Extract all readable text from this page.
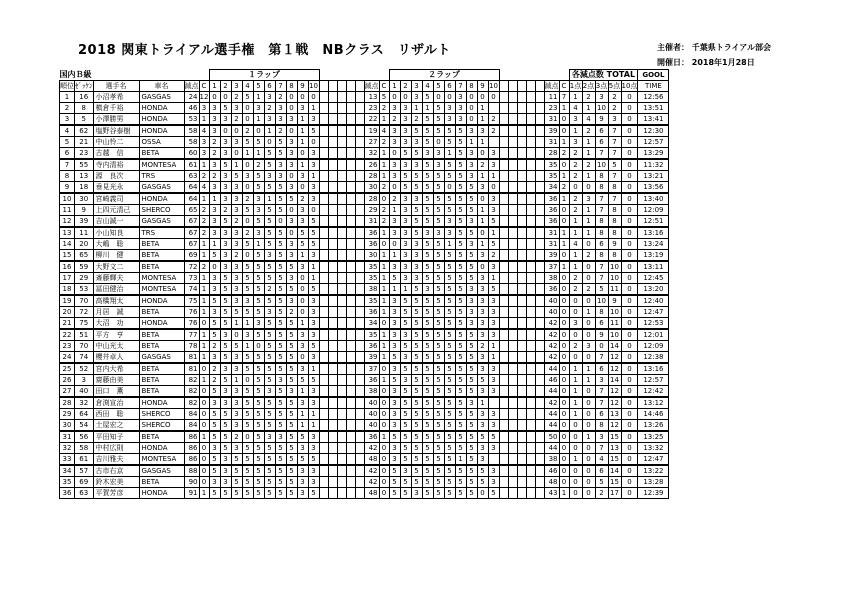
2018 関東トライアル選手権　第１戦　NBクラス　リザルト	主催者： 千葉県トライアル部会
開催日： 2018年1月28日
国内Ｂ級						１ラップ																	２ラップ																	各減点数 TOTAL					GOOL
順位	ｾﾞｯｹﾝ	選手名	車名	減点	C	1	2	3	4	5	6	7	8	9	10						減点	C	1	2	3	4	5	6	7	8	9	10						減点	C	1点	2点	3点	5点	10点	TIME
1	16	小沼孝希	GASGAS	24	12	0	0	2	5	1	3	2	0	0	0						13	5	0	0	3	5	0	0	3	0	0	0						11	7	1	2	3	2	0	12:56
2	8	槙倉千裕	HONDA	46	3	3	5	3	0	3	2	3	0	3	1						23	2	3	3	1	1	5	3	3	0	1							23	1	4	1	10	2	0	13:51
3	5	小澤勝男	HONDA	53	1	3	3	2	0	1	3	3	3	1	3						22	1	2	3	2	5	5	3	3	0	1	2						31	0	3	4	9	3	0	13:41
4	62	塩野谷泰樹	HONDA	58	4	3	0	0	2	0	1	2	0	1	5						19	4	3	3	5	5	5	5	5	3	3	2						39	0	1	2	6	7	0	12:30
5	21	中山怜二	OSSA	58	3	2	3	3	5	5	0	5	3	1	0						27	2	3	3	3	5	0	5	5	1	1							31	1	3	1	6	7	0	12:57
6	23	古越　信	BETA	60	3	2	3	0	1	1	5	5	3	0	3						32	1	0	5	5	3	3	1	5	3	0	3						28	2	2	1	7	7	0	13:29
7	55	寺内清裕	MONTESA	61	1	3	5	1	0	2	5	3	3	1	3						26	1	3	3	3	5	3	5	5	3	2	3						35	0	2	2	10	5	0	11:32
8	13	源　良次	TRS	63	2	2	3	5	3	5	3	3	0	3	1						28	1	3	5	5	5	5	5	5	3	1	1						35	1	2	1	8	7	0	13:21
9	18	垂見光永	GASGAS	64	4	3	3	3	0	5	5	5	3	0	3						30	2	0	5	5	5	5	0	5	5	3	0						34	2	0	0	8	8	0	13:56
10	30	宮崎義司	HONDA	64	1	1	3	3	2	3	1	5	5	2	3						28	0	2	3	3	5	5	5	5	5	0	3						36	1	2	3	7	7	0	13:40
11	9	上四元清己	SHERCO	65	2	3	2	3	5	3	5	5	0	3	0						29	2	1	3	5	5	5	5	5	5	1	3						36	0	2	1	7	8	0	12:09
12	39	吉山誠一	GASGAS	67	2	3	5	2	0	5	5	0	3	3	5						31	2	3	3	5	5	5	3	5	3	1	5						36	0	1	1	8	8	0	12:51
13	11	小山知良	TRS	67	2	3	3	3	2	3	5	5	0	5	5						36	1	3	3	5	3	3	3	5	5	0	1						31	1	1	1	8	8	0	13:16
14	20	大嶋　聡	BETA	67	1	1	3	3	5	1	5	5	3	5	5						36	0	0	3	3	5	5	1	5	3	1	5						31	1	4	0	6	9	0	13:24
15	65	柳川　健	BETA	69	1	5	3	2	0	5	3	5	3	1	3						30	1	1	3	3	5	5	5	5	5	3	2						39	0	1	2	8	8	0	13:19
16	59	大野文二	BETA	72	2	0	3	3	5	5	5	5	5	3	1						35	1	3	3	3	5	5	5	5	5	0	3						37	1	1	0	7	10	0	13:11
17	29	斎藤輝夫	MONTESA	73	1	3	5	3	5	5	5	5	3	0	1						35	1	5	3	3	5	5	5	5	5	3	1						38	0	2	0	7	10	0	12:45
18	53	冨田健治	MONTESA	74	1	3	5	3	5	5	2	5	5	0	5						38	1	1	1	5	3	5	5	5	3	3	5						36	0	2	2	5	11	0	13:20
19	70	高橋翔太	HONDA	75	1	5	5	3	3	5	5	5	3	0	3						35	1	3	5	5	5	5	5	5	3	3	3						40	0	0	0	10	9	0	12:40
20	72	月居　誠	BETA	76	1	3	5	5	5	5	3	5	2	0	3						36	1	3	5	5	5	5	5	5	3	3	3						40	0	0	1	8	10	0	12:47
21	75	大沼　功	HONDA	76	0	5	5	1	1	3	5	5	5	1	3						34	0	3	5	5	5	5	5	5	3	3	3						42	0	3	0	6	11	0	12:53
22	51	平方　亨	BETA	77	1	5	3	0	3	5	5	5	5	3	3						35	1	3	3	5	5	5	5	5	5	3	3						42	0	0	0	9	10	0	12:01
23	70	中山光太	BETA	78	1	2	5	5	1	0	5	5	5	3	5						36	1	3	5	5	5	5	5	5	5	2	1						42	0	2	3	0	14	0	12:09
24	74	櫻井卓人	GASGAS	81	1	3	5	3	5	5	5	5	5	0	3						39	1	5	3	5	5	5	5	5	5	3	1						42	0	0	0	7	12	0	12:38
25	52	宮内大希	BETA	81	0	2	3	3	5	5	5	5	5	3	1						37	0	3	5	5	5	5	5	5	5	3	3						44	0	1	1	6	12	0	13:16
26	3	齋藤由美	BETA	82	1	2	5	1	0	5	5	3	5	5	5						36	1	5	3	5	5	5	5	5	5	5	3						46	0	1	1	3	14	0	12:57
27	40	田口　薫	BETA	82	0	5	3	3	5	5	3	5	3	1	3						38	0	3	5	5	5	5	5	5	5	3	3						44	0	1	0	7	12	0	12:42
28	32	倉渕宣治	HONDA	82	0	3	3	3	5	5	5	5	5	3	3						40	0	3	5	5	5	5	5	5	3	1							42	0	1	0	7	12	0	13:12
29	64	西田　聡	SHERCO	84	0	5	5	3	5	5	5	5	5	1	1						40	0	3	5	5	5	5	5	5	5	3	3						44	0	1	0	6	13	0	14:46
30	54	土屋宏之	SHERCO	84	0	5	5	3	5	5	5	5	5	1	1						40	0	3	5	5	5	5	5	5	5	3	3						44	0	0	0	8	12	0	13:26
31	56	平田知子	BETA	86	1	5	5	2	0	5	3	3	5	5	3						36	1	5	5	5	5	5	5	5	5	5	5						50	0	0	1	3	15	0	13:25
32	58	中村広則	HONDA	86	0	3	5	3	5	5	5	5	5	3	3						42	0	3	5	5	5	5	5	5	5	3	3						44	0	0	0	7	13	0	13:32
33	61	吉川雅夫	MONTESA	86	0	5	3	5	5	5	5	5	5	5	5						48	0	3	5	5	5	5	5	1	5	3							38	0	1	0	4	15	0	12:47
34	57	古市右京	GASGAS	88	0	5	3	5	5	5	5	5	5	3	3						42	0	5	3	5	5	5	5	5	5	5	3						46	0	0	0	6	14	0	13:22
35	69	鈴木宏美	BETA	90	0	3	3	5	5	5	5	5	5	3	3						42	0	5	5	5	5	5	5	5	5	5	3						48	0	0	0	5	15	0	13:28
36	63	平賀芳彦	HONDA	91	1	5	5	5	5	5	5	5	5	3	5						48	0	5	5	3	5	5	5	5	5	0	5						43	1	0	0	2	17	0	12:39
